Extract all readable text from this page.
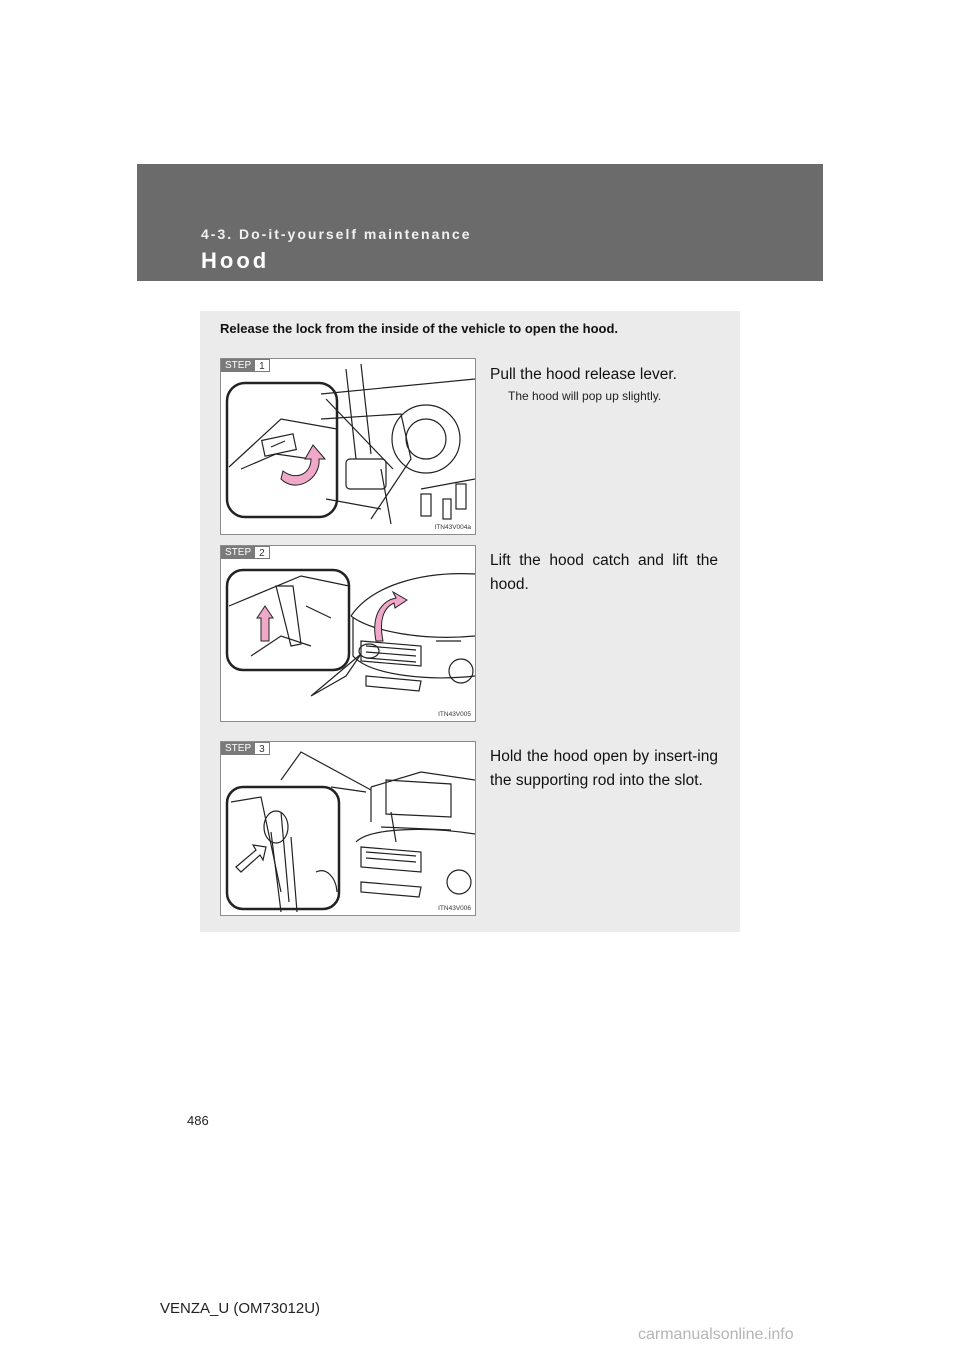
4-3. Do-it-yourself maintenance
Hood
Release the lock from the inside of the vehicle to open the hood.
STEP 1
ITN43V004a
Pull the hood release lever.
The hood will pop up slightly.
STEP 2
ITN43V005
Lift the hood catch and lift the hood.
STEP 3
ITN43V006
Hold the hood open by insert-ing the supporting rod into the slot.
486
VENZA_U (OM73012U)
carmanualsonline.info
